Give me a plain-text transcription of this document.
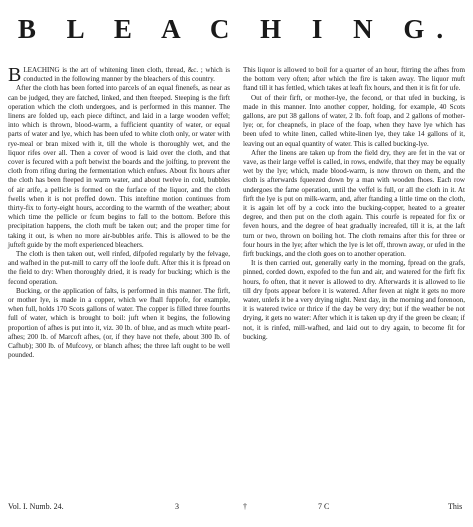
B L E A C H I N G.

BLEACHING is the art of whitening linen cloth, thread, &c. ; which is conducted in the following manner by the bleachers of this country.

After the cloth has been forted into parcels of an equal finenefs, as near as can be judged, they are fatched, linked, and then fteeped. Steeping is the firft operation which the cloth undergoes, and is performed in this manner. The linens are folded up, each piece diftinct, and laid in a large wooden veffel; into which is thrown, blood-warm, a fufficient quantity of water, or equal parts of water and lye, which has been ufed to white cloth only, or water with rye-meal or bran mixed with it, till the whole is thoroughly wet, and the liquor rifes over all. Then a cover of wood is laid over the cloth, and that cover is fecured with a poft betwixt the boards and the joifting, to prevent the cloth from rifing during the fermentation which enfues. About fix hours after the cloth has been fteeped in warm water, and about twelve in cold, bubbles of air arife, a pellicle is formed on the furface of the liquor, and the cloth fwells when it is not preffed down. This inteftine motion continues from thirty-fix to forty-eight hours, according to the warmth of the weather; about which time the pellicle or fcum begins to fall to the bottom. Before this precipitation happens, the cloth muft be taken out; and the proper time for taking it out, is when no more air-bubbles arife. This is allowed to be the jufteft guide by the moft experienced bleachers.

The cloth is then taken out, well rinfed, difpofed regularly by the felvage, and wafhed in the put-mill to carry off the loofe duft. After this it is fpread on the field to dry: When thoroughly dried, it is ready for bucking; which is the fecond operation.

Bucking, or the application of falts, is performed in this manner. The firft, or mother lye, is made in a copper, which we fhall fuppofe, for example, when full, holds 170 Scots gallons of water. The copper is filled three fourths full of water, which is brought to boil: juft when it begins, the following proportion of afhes is put into it, viz. 30 lb. of blue, and as much white pearl-afhes; 200 lb. of Marcoft afhes, (or, if they have not thefe, about 300 lb. of Cafhub); 300 lb. of Mufcovy, or blanch afhes; the three laft ought to be well pounded.

This liquor is allowed to boil for a quarter of an hour, ftirring the afhes from the bottom very often; after which the fire is taken away. The liquor muft ftand till it has fettled, which takes at leaft fix hours, and then it is fit for ufe.

Out of their firft, or mother-lye, the fecond, or that ufed in bucking, is made in this manner. Into another copper, holding, for example, 40 Scots gallons, are put 38 gallons of water, 2 lb. foft foap, and 2 gallons of mother-lye; or, for cheapnefs, in place of the foap, when they have lye which has been ufed to white linen, called white-linen lye, they take 14 gallons of it, leaving out an equal quantity of water. This is called bucking-lye.

After the linens are taken up from the field dry, they are fet in the vat or vave, as their large veffel is called, in rows, endwife, that they may be equally wet by the lye; which, made blood-warm, is now thrown on them, and the cloth is afterwards fqueezed down by a man with wooden fhoes. Each row undergoes the fame operation, until the veffel is full, or all the cloth in it. At firft the lye is put on milk-warm, and, after ftanding a little time on the cloth, it is again let off by a cock into the bucking-copper, heated to a greater degree, and then put on the cloth again. This courfe is repeated for fix or feven hours, and the degree of heat gradually increafed, till it is, at the laft turn or two, thrown on boiling hot. The cloth remains after this for three or four hours in the lye; after which the lye is let off, thrown away, or ufed in the firft buckings, and the cloth goes on to another operation.

It is then carried out, generally early in the morning, fpread on the grafs, pinned, corded down, expofed to the fun and air, and watered for the firft fix hours, fo often, that it never is allowed to dry. Afterwards it is allowed to lie till dry fpots appear before it is watered. After feven at night it gets no more water, unlefs it be a very drying night. Next day, in the morning and forenoon, it is watered twice or thrice if the day be very dry; but if the weather be not drying, it gets no water: After which it is taken up dry if the green be clean; if not, it is rinfed, mill-wafhed, and laid out to dry again, to become fit for bucking.

Vol. I. Numb. 24.	3	†	7 C	This
